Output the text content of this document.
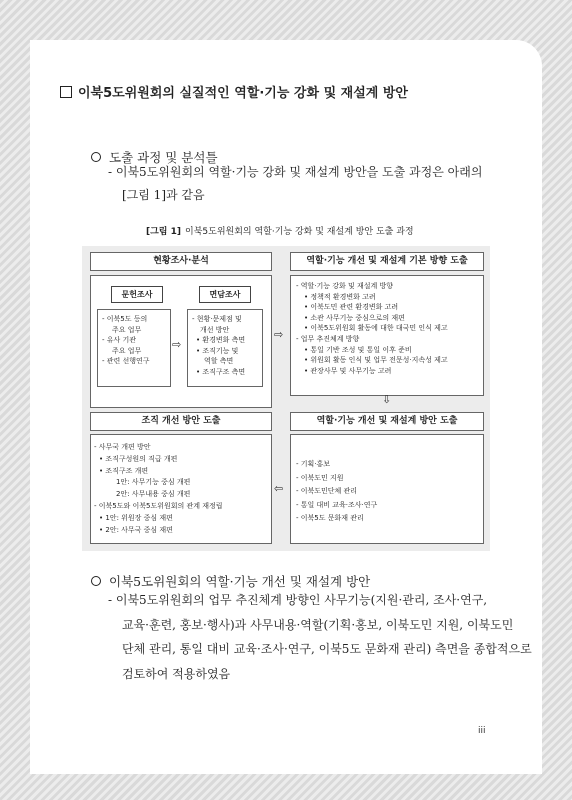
이북5도위원회의 실질적인 역할·기능 강화 및 재설계 방안
도출 과정 및 분석틀
- 이북5도위원회의 역할·기능 강화 및 재설계 방안을 도출 과정은 아래의
[그림 1]과 같음
[그림 1] 이북5도위원회의 역할·기능 강화 및 재설계 방안 도출 과정
현황조사·분석
문헌조사	면담조사
- 이북5도 등의
주요 업무
- 유사 기관
주요 업무
- 관련 선행연구
⇨
- 현황·문제점 및
개선 방안
• 환경변화 측면
• 조직기능 및
역할 측면
• 조직구조 측면
⇨
역할·기능 개선 및 재설계 기본 방향 도출
- 역할·기능 강화 및 재설계 방향
• 정책적 환경변화 고려
• 이북도민 관련 환경변화 고려
• 소관 사무기능 중심으로의 재편
• 이북5도위원회 활동에 대한 대국민 인식 제고
- 업무 추진체계 방향
• 통일 기반 조성 및 통일 이후 준비
• 위원회 활동 인식 및 업무 전문성·지속성 제고
• 관장사무 및 사무기능 고려
⇩
역할·기능 개선 및 재설계 방안 도출
- 기획·홍보
- 이북도민 지원
- 이북도민단체 관리
- 통일 대비 교육·조사·연구
- 이북5도 문화재 관리
⇦
조직 개선 방안 도출
- 사무국 개편 방안
• 조직구성원의 직급 개편
• 조직구조 개편
1안: 사무기능 중심 개편
2안: 사무내용 중심 개편
- 이북5도와 이북5도위원회의 관계 재정립
• 1안: 위원장 중심 재편
• 2안: 사무국 중심 재편
이북5도위원회의 역할·기능 개선 및 재설계 방안
- 이북5도위원회의 업무 추진체계 방향인 사무기능(지원·관리, 조사·연구,
교육·훈련, 홍보·행사)과 사무내용·역할(기획·홍보, 이북도민 지원, 이북도민
단체 관리, 통일 대비 교육·조사·연구, 이북5도 문화재 관리) 측면을 종합적으로
검토하여 적용하였음
iii
